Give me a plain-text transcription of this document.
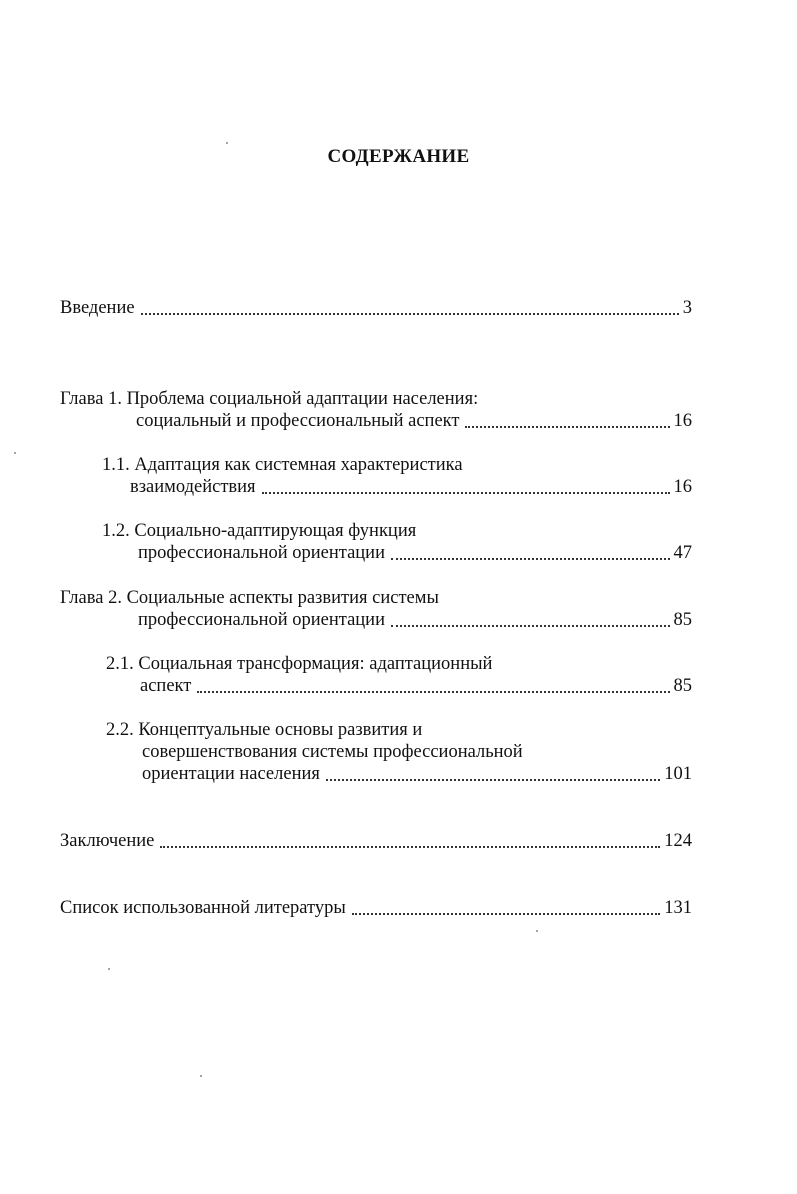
СОДЕРЖАНИЕ
Введение	3
Глава 1. Проблема социальной адаптации населения:
социальный и профессиональный аспект	16
1.1. Адаптация как системная характеристика
взаимодействия	16
1.2. Социально-адаптирующая функция
профессиональной ориентации	47
Глава 2. Социальные аспекты развития системы
профессиональной ориентации	85
2.1. Социальная трансформация: адаптационный
аспект	85
2.2. Концептуальные основы развития и
совершенствования системы профессиональной
ориентации населения	101
Заключение	124
Список использованной литературы	131
